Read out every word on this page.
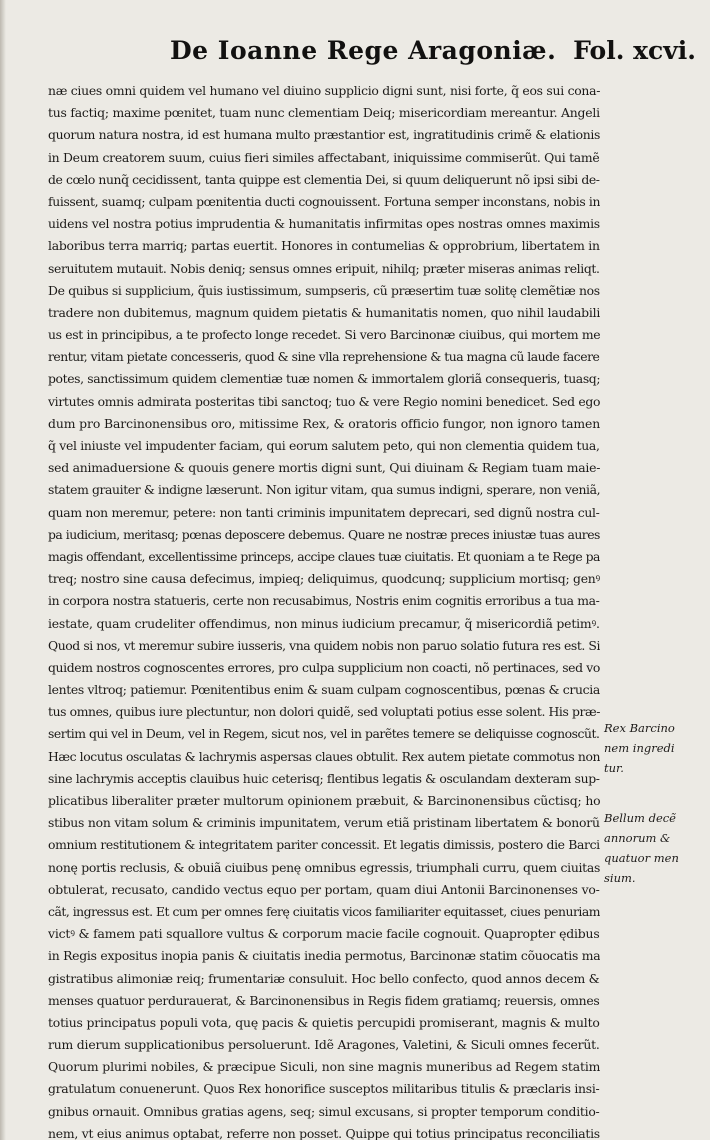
De Ioanne Rege Aragoniæ. Fol. xcvi.
næ ciues omni quidem vel humano vel diuino supplicio digni sunt, nisi forte, q̃ eos sui cona-
tus factiq; maxime pœnitet, tuam nunc clementiam Deiq; misericordiam mereantur. Angeli
quorum natura nostra, id est humana multo præstantior est, ingratitudinis crimẽ & elationis
in Deum creatorem suum, cuius fieri similes affectabant, iniquissime commiserũt. Qui tamẽ
de cœlo nunq̃ cecidissent, tanta quippe est clementia Dei, si quum deliquerunt nõ ipsi sibi de-
fuissent, suamq; culpam pœnitentia ducti cognouissent. Fortuna semper inconstans, nobis in
uidens vel nostra potius imprudentia & humanitatis infirmitas opes nostras omnes maximis
laboribus terra marriq; partas euertit. Honores in contumelias & opprobrium, libertatem in
seruitutem mutauit. Nobis deniq; sensus omnes eripuit, nihilq; præter miseras animas reliqt.
De quibus si supplicium, q̃uis iustissimum, sumpseris, cũ præsertim tuæ solitę clemẽtiæ nos
tradere non dubitemus, magnum quidem pietatis & humanitatis nomen, quo nihil laudabili
us est in principibus, a te profecto longe recedet. Si vero Barcinonæ ciuibus, qui mortem me
rentur, vitam pietate concesseris, quod & sine vlla reprehensione & tua magna cũ laude facere
potes, sanctissimum quidem clementiæ tuæ nomen & immortalem gloriã consequeris, tuasq;
virtutes omnis admirata posteritas tibi sanctoq; tuo & vere Regio nomini benedicet. Sed ego
dum pro Barcinonensibus oro, mitissime Rex, & oratoris officio fungor, non ignoro tamen
q̃ vel iniuste vel impudenter faciam, qui eorum salutem peto, qui non clementia quidem tua,
sed animaduersione & quouis genere mortis digni sunt, Qui diuinam & Regiam tuam maie-
statem grauiter & indigne læserunt. Non igitur vitam, qua sumus indigni, sperare, non veniã,
quam non meremur, petere: non tanti criminis impunitatem deprecari, sed dignũ nostra cul-
pa iudicium, meritasq; pœnas deposcere debemus. Quare ne nostræ preces iniustæ tuas aures
magis offendant, excellentissime princeps, accipe claues tuæ ciuitatis. Et quoniam a te Rege pa
treq; nostro sine causa defecimus, impieq; deliquimus, quodcunq; supplicium mortisq; genꝰ
in corpora nostra statueris, certe non recusabimus, Nostris enim cognitis erroribus a tua ma-
iestate, quam crudeliter offendimus, non minus iudicium precamur, q̃ misericordiã petimꝰ.
Quod si nos, vt meremur subire iusseris, vna quidem nobis non paruo solatio futura res est. Si
quidem nostros cognoscentes errores, pro culpa supplicium non coacti, nõ pertinaces, sed vo
lentes vltroq; patiemur. Pœnitentibus enim & suam culpam cognoscentibus, pœnas & crucia
tus omnes, quibus iure plectuntur, non dolori quidẽ, sed voluptati potius esse solent. His præ-
sertim qui vel in Deum, vel in Regem, sicut nos, vel in parẽtes temere se deliquisse cognoscũt.
Hæc locutus osculatas & lachrymis aspersas claues obtulit. Rex autem pietate commotus non
sine lachrymis acceptis clauibus huic ceterisq; flentibus legatis & osculandam dexteram sup-
plicatibus liberaliter præter multorum opinionem præbuit, & Barcinonensibus cũctisq; ho
stibus non vitam solum & criminis impunitatem, verum etiã pristinam libertatem & bonorũ
omnium restitutionem & integritatem pariter concessit. Et legatis dimissis, postero die Barci
nonę portis reclusis, & obuiã ciuibus penę omnibus egressis, triumphali curru, quem ciuitas
obtulerat, recusato, candido vectus equo per portam, quam diui Antonii Barcinonenses vo-
cãt, ingressus est. Et cum per omnes ferę ciuitatis vicos familiariter equitasset, ciues penuriam
victꝰ & famem pati squallore vultus & corporum macie facile cognouit. Quapropter ędibus
in Regis expositus inopia panis & ciuitatis inedia permotus, Barcinonæ statim cõuocatis ma
gistratibus alimoniæ reiq; frumentariæ consuluit. Hoc bello confecto, quod annos decem &
menses quatuor perdurauerat, & Barcinonensibus in Regis fidem gratiamq; reuersis, omnes
totius principatus populi vota, quę pacis & quietis percupidi promiserant, magnis & multo
rum dierum supplicationibus persoluerunt. Idẽ Aragones, Valetini, & Siculi omnes fecerũt.
Quorum plurimi nobiles, & præcipue Siculi, non sine magnis muneribus ad Regem statim
gratulatum conuenerunt. Quos Rex honorifice susceptos militaribus titulis & præclaris insi-
gnibus ornauit. Omnibus gratias agens, seq; simul excusans, si propter temporum conditio-
nem, vt eius animus optabat, referre non posset. Quippe qui totius principatus reconciliatis
Rex Barcino
nem ingredi
tur.
Bellum decẽ
annorum &
quatuor men
sium.
